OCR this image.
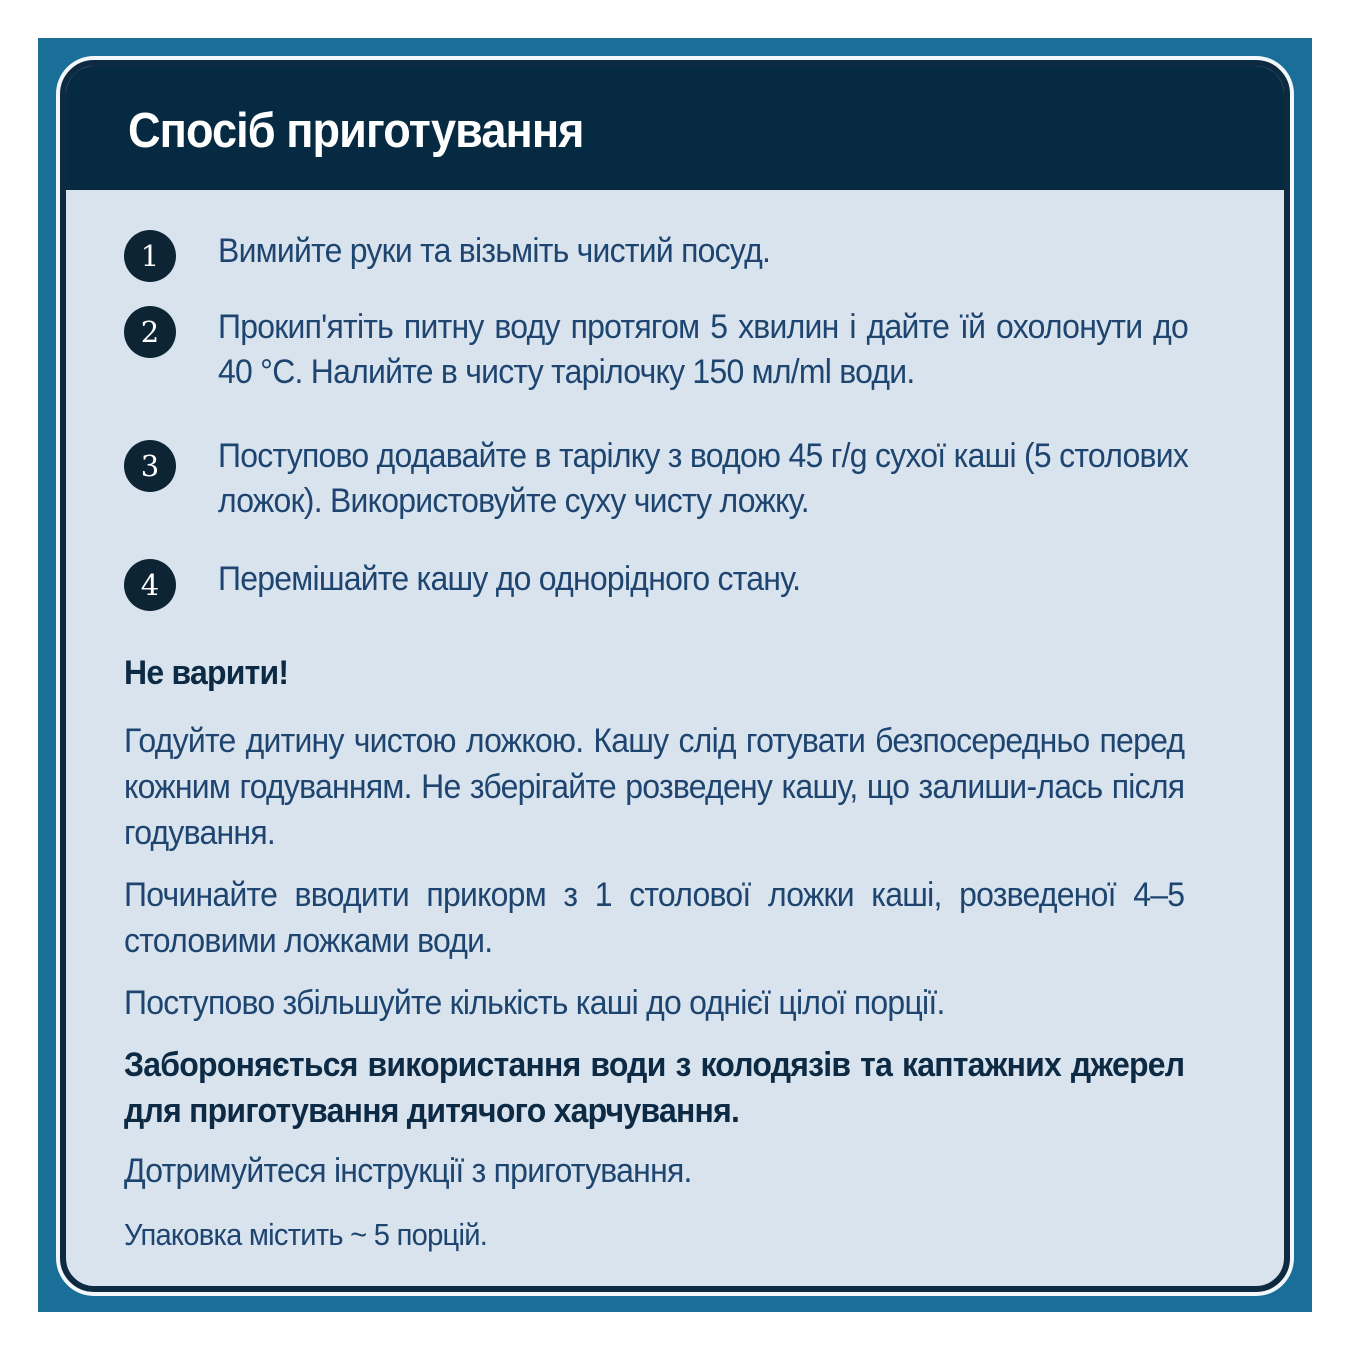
Спосіб приготування
1	Вимийте руки та візьміть чистий посуд.

2	Прокип'ятіть питну воду протягом 5 хвилин і дайте їй охолонути до 40 °C. Налийте в чисту тарілочку 150 мл/ml води.

3	Поступово додавайте в тарілку з водою 45 г/g сухої каші (5 столових ложок). Використовуйте суху чисту ложку.

4	Перемішайте кашу до однорідного стану.

Не варити!

Годуйте дитину чистою ложкою. Кашу слід готувати безпосередньо перед кожним годуванням. Не зберігайте розведену кашу, що залиши-лась після годування.

Починайте вводити прикорм з 1 столової ложки каші, розведеної 4–5 столовими ложками води.

Поступово збільшуйте кількість каші до однієї цілої порції.

Забороняється використання води з колодязів та каптажних джерел для приготування дитячого харчування.

Дотримуйтеся інструкції з приготування.

Упаковка містить ~ 5 порцій.
